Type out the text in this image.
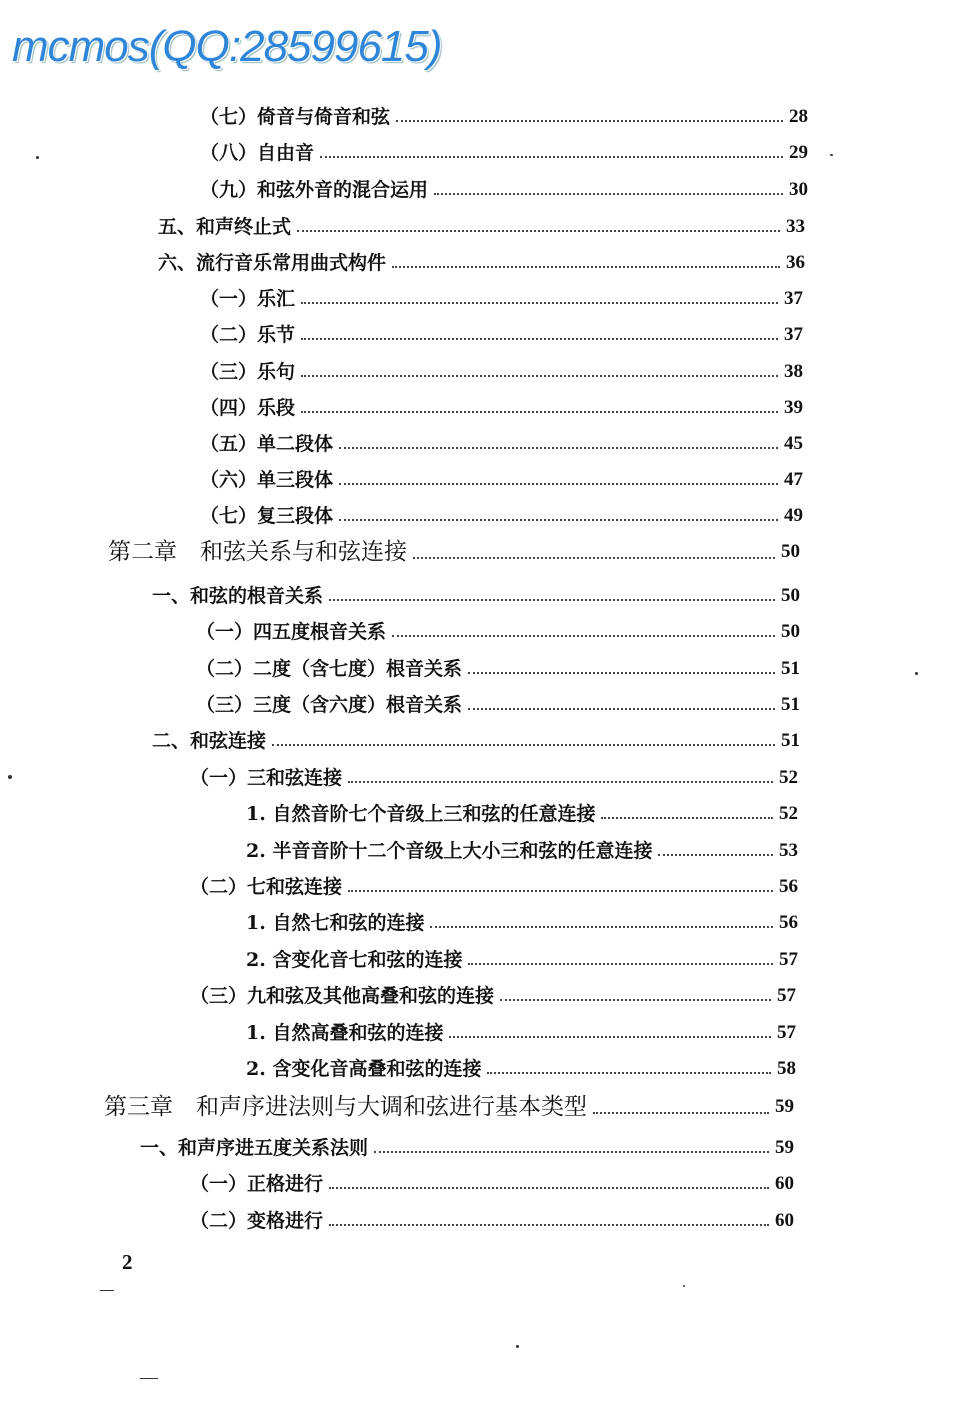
mcmos(QQ:28599615)
（七）倚音与倚音和弦	28
（八）自由音	29
（九）和弦外音的混合运用	30
五、和声终止式	33
六、流行音乐常用曲式构件	36
（一）乐汇	37
（二）乐节	37
（三）乐句	38
（四）乐段	39
（五）单二段体	45
（六）单三段体	47
（七）复三段体	49
第二章　和弦关系与和弦连接	50
一、和弦的根音关系	50
（一）四五度根音关系	50
（二）二度（含七度）根音关系	51
（三）三度（含六度）根音关系	51
二、和弦连接	51
（一）三和弦连接	52
1. 自然音阶七个音级上三和弦的任意连接	52
2. 半音音阶十二个音级上大小三和弦的任意连接	53
（二）七和弦连接	56
1. 自然七和弦的连接	56
2. 含变化音七和弦的连接	57
（三）九和弦及其他高叠和弦的连接	57
1. 自然高叠和弦的连接	57
2. 含变化音高叠和弦的连接	58
第三章　和声序进法则与大调和弦进行基本类型	59
一、和声序进五度关系法则	59
（一）正格进行	60
（二）变格进行	60
2
